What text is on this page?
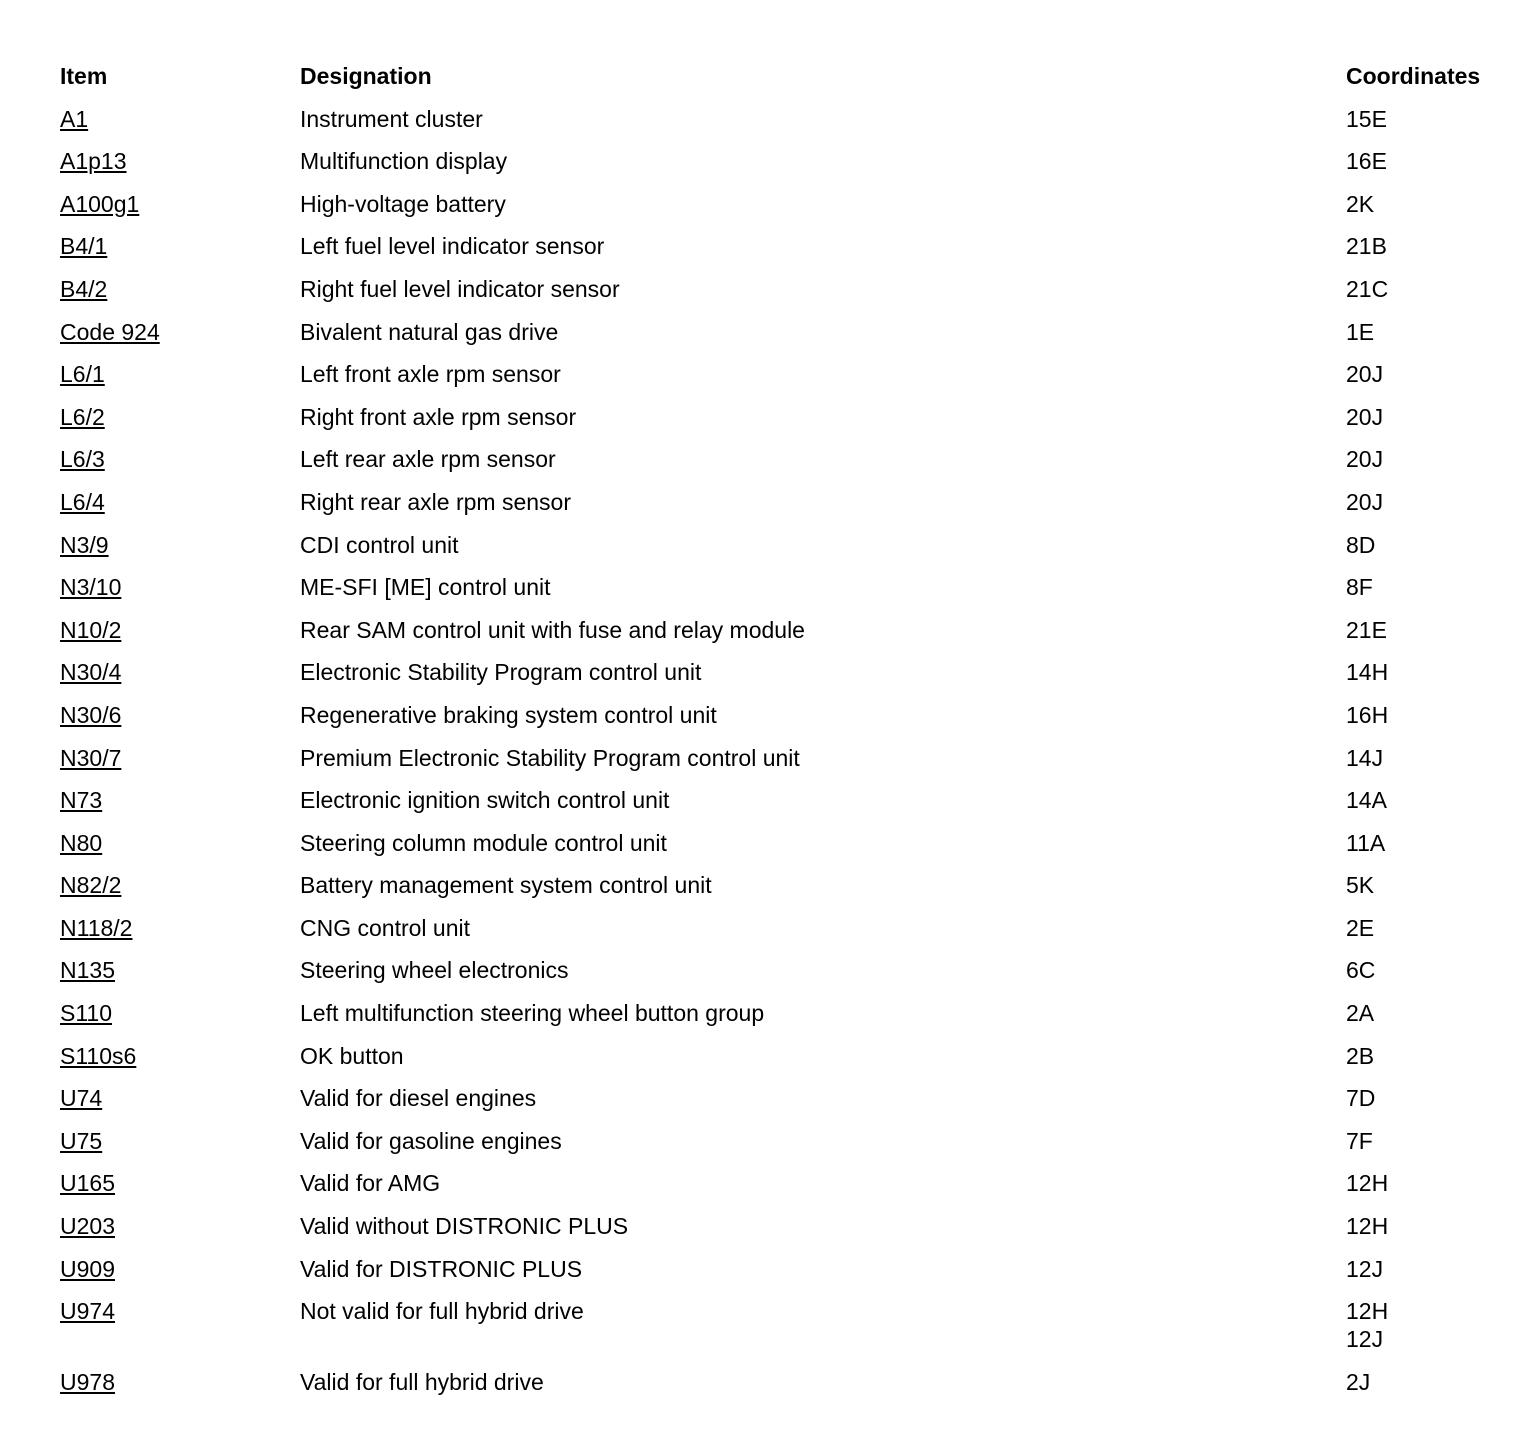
Item	Designation	Coordinates
A1	Instrument cluster	15E
A1p13	Multifunction display	16E
A100g1	High-voltage battery	2K
B4/1	Left fuel level indicator sensor	21B
B4/2	Right fuel level indicator sensor	21C
Code 924	Bivalent natural gas drive	1E
L6/1	Left front axle rpm sensor	20J
L6/2	Right front axle rpm sensor	20J
L6/3	Left rear axle rpm sensor	20J
L6/4	Right rear axle rpm sensor	20J
N3/9	CDI control unit	8D
N3/10	ME-SFI [ME] control unit	8F
N10/2	Rear SAM control unit with fuse and relay module	21E
N30/4	Electronic Stability Program control unit	14H
N30/6	Regenerative braking system control unit	16H
N30/7	Premium Electronic Stability Program control unit	14J
N73	Electronic ignition switch control unit	14A
N80	Steering column module control unit	11A
N82/2	Battery management system control unit	5K
N118/2	CNG control unit	2E
N135	Steering wheel electronics	6C
S110	Left multifunction steering wheel button group	2A
S110s6	OK button	2B
U74	Valid for diesel engines	7D
U75	Valid for gasoline engines	7F
U165	Valid for AMG	12H
U203	Valid without DISTRONIC PLUS	12H
U909	Valid for DISTRONIC PLUS	12J
U974	Not valid for full hybrid drive	12H
12J
U978	Valid for full hybrid drive	2J
